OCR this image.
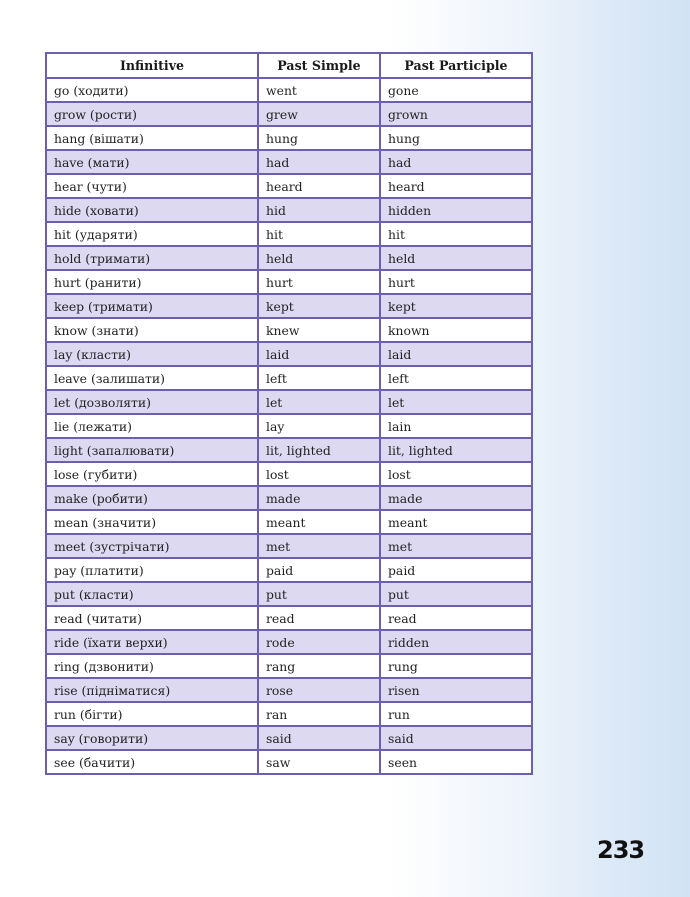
Infinitive	Past Simple	Past Participle
go (ходити)	went	gone
grow (рости)	grew	grown
hang (вішати)	hung	hung
have (мати)	had	had
hear (чути)	heard	heard
hide (ховати)	hid	hidden
hit (ударяти)	hit	hit
hold (тримати)	held	held
hurt (ранити)	hurt	hurt
keep (тримати)	kept	kept
know (знати)	knew	known
lay (класти)	laid	laid
leave (залишати)	left	left
let (дозволяти)	let	let
lie (лежати)	lay	lain
light (запалювати)	lit, lighted	lit, lighted
lose (губити)	lost	lost
make (робити)	made	made
mean (значити)	meant	meant
meet (зустрічати)	met	met
pay (платити)	paid	paid
put (класти)	put	put
read (читати)	read	read
ride (їхати верхи)	rode	ridden
ring (дзвонити)	rang	rung
rise (підніматися)	rose	risen
run (бігти)	ran	run
say (говорити)	said	said
see (бачити)	saw	seen
233
